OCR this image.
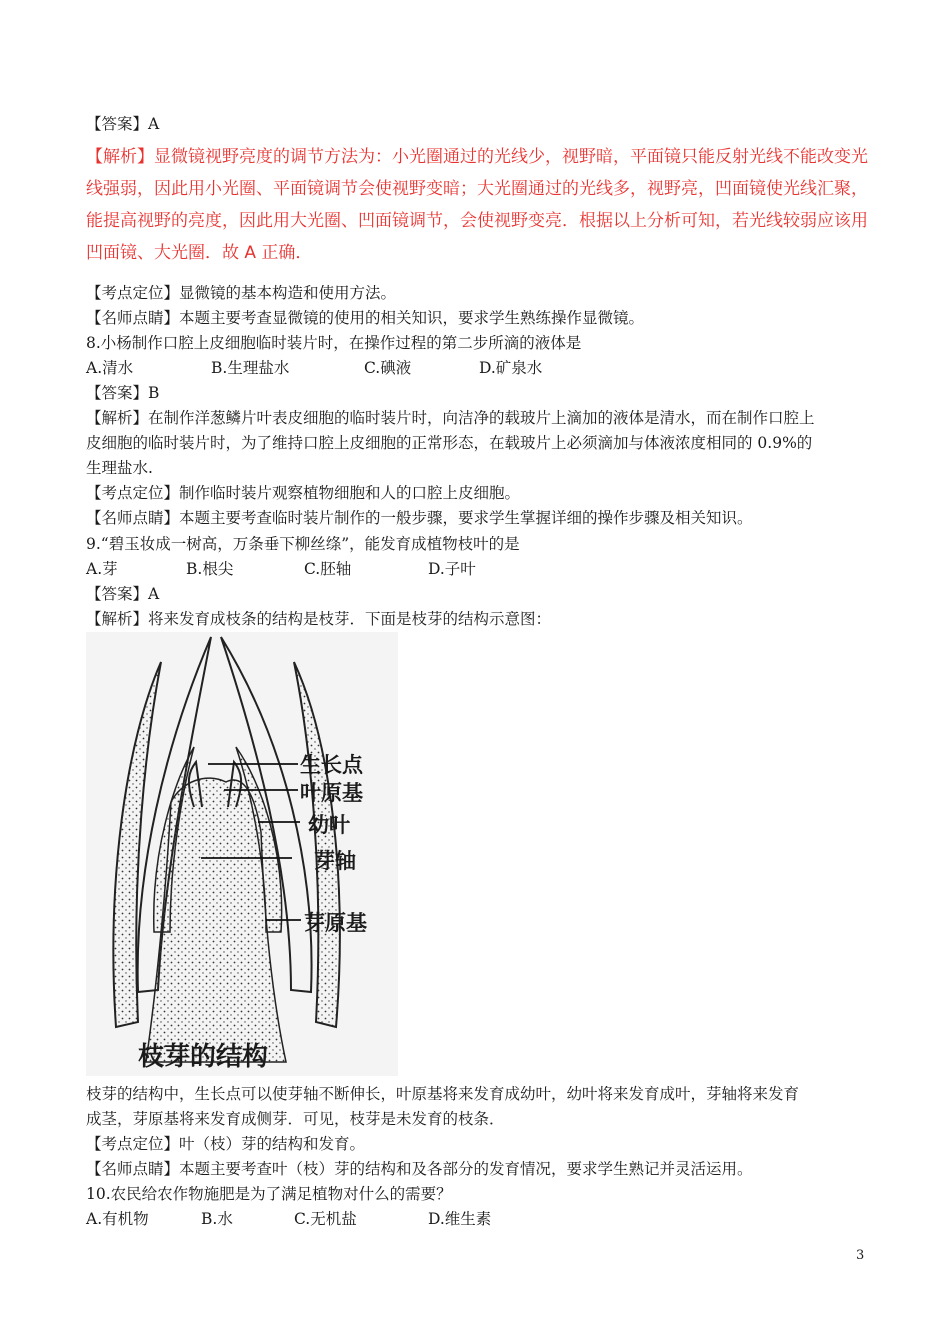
【答案】A
【解析】显微镜视野亮度的调节方法为：小光圈通过的光线少，视野暗，平面镜只能反射光线不能改变光
线强弱，因此用小光圈、平面镜调节会使视野变暗；大光圈通过的光线多，视野亮，凹面镜使光线汇聚，
能提高视野的亮度，因此用大光圈、凹面镜调节，会使视野变亮．根据以上分析可知，若光线较弱应该用
凹面镜、大光圈．故 A 正确．
【考点定位】显微镜的基本构造和使用方法。
【名师点睛】本题主要考查显微镜的使用的相关知识，要求学生熟练操作显微镜。
8.小杨制作口腔上皮细胞临时装片时，在操作过程的第二步所滴的液体是
A.清水	B.生理盐水	C.碘液	D.矿泉水
【答案】B
【解析】在制作洋葱鳞片叶表皮细胞的临时装片时，向洁净的载玻片上滴加的液体是清水，而在制作口腔上
皮细胞的临时装片时，为了维持口腔上皮细胞的正常形态，在载玻片上必须滴加与体液浓度相同的 0.9%的
生理盐水.
【考点定位】制作临时装片观察植物细胞和人的口腔上皮细胞。
【名师点睛】本题主要考查临时装片制作的一般步骤，要求学生掌握详细的操作步骤及相关知识。
9.“碧玉妆成一树高，万条垂下柳丝绦”，能发育成植物枝叶的是
A.芽	B.根尖	C.胚轴	D.子叶
【答案】A
【解析】将来发育成枝条的结构是枝芽．下面是枝芽的结构示意图：
生长点
叶原基
幼叶
芽轴
芽原基
枝芽的结构
枝芽的结构中，生长点可以使芽轴不断伸长，叶原基将来发育成幼叶，幼叶将来发育成叶，芽轴将来发育
成茎，芽原基将来发育成侧芽．可见，枝芽是未发育的枝条．
【考点定位】叶（枝）芽的结构和发育。
【名师点睛】本题主要考查叶（枝）芽的结构和及各部分的发育情况，要求学生熟记并灵活运用。
10.农民给农作物施肥是为了满足植物对什么的需要？
A.有机物	B.水	C.无机盐	D.维生素
3
